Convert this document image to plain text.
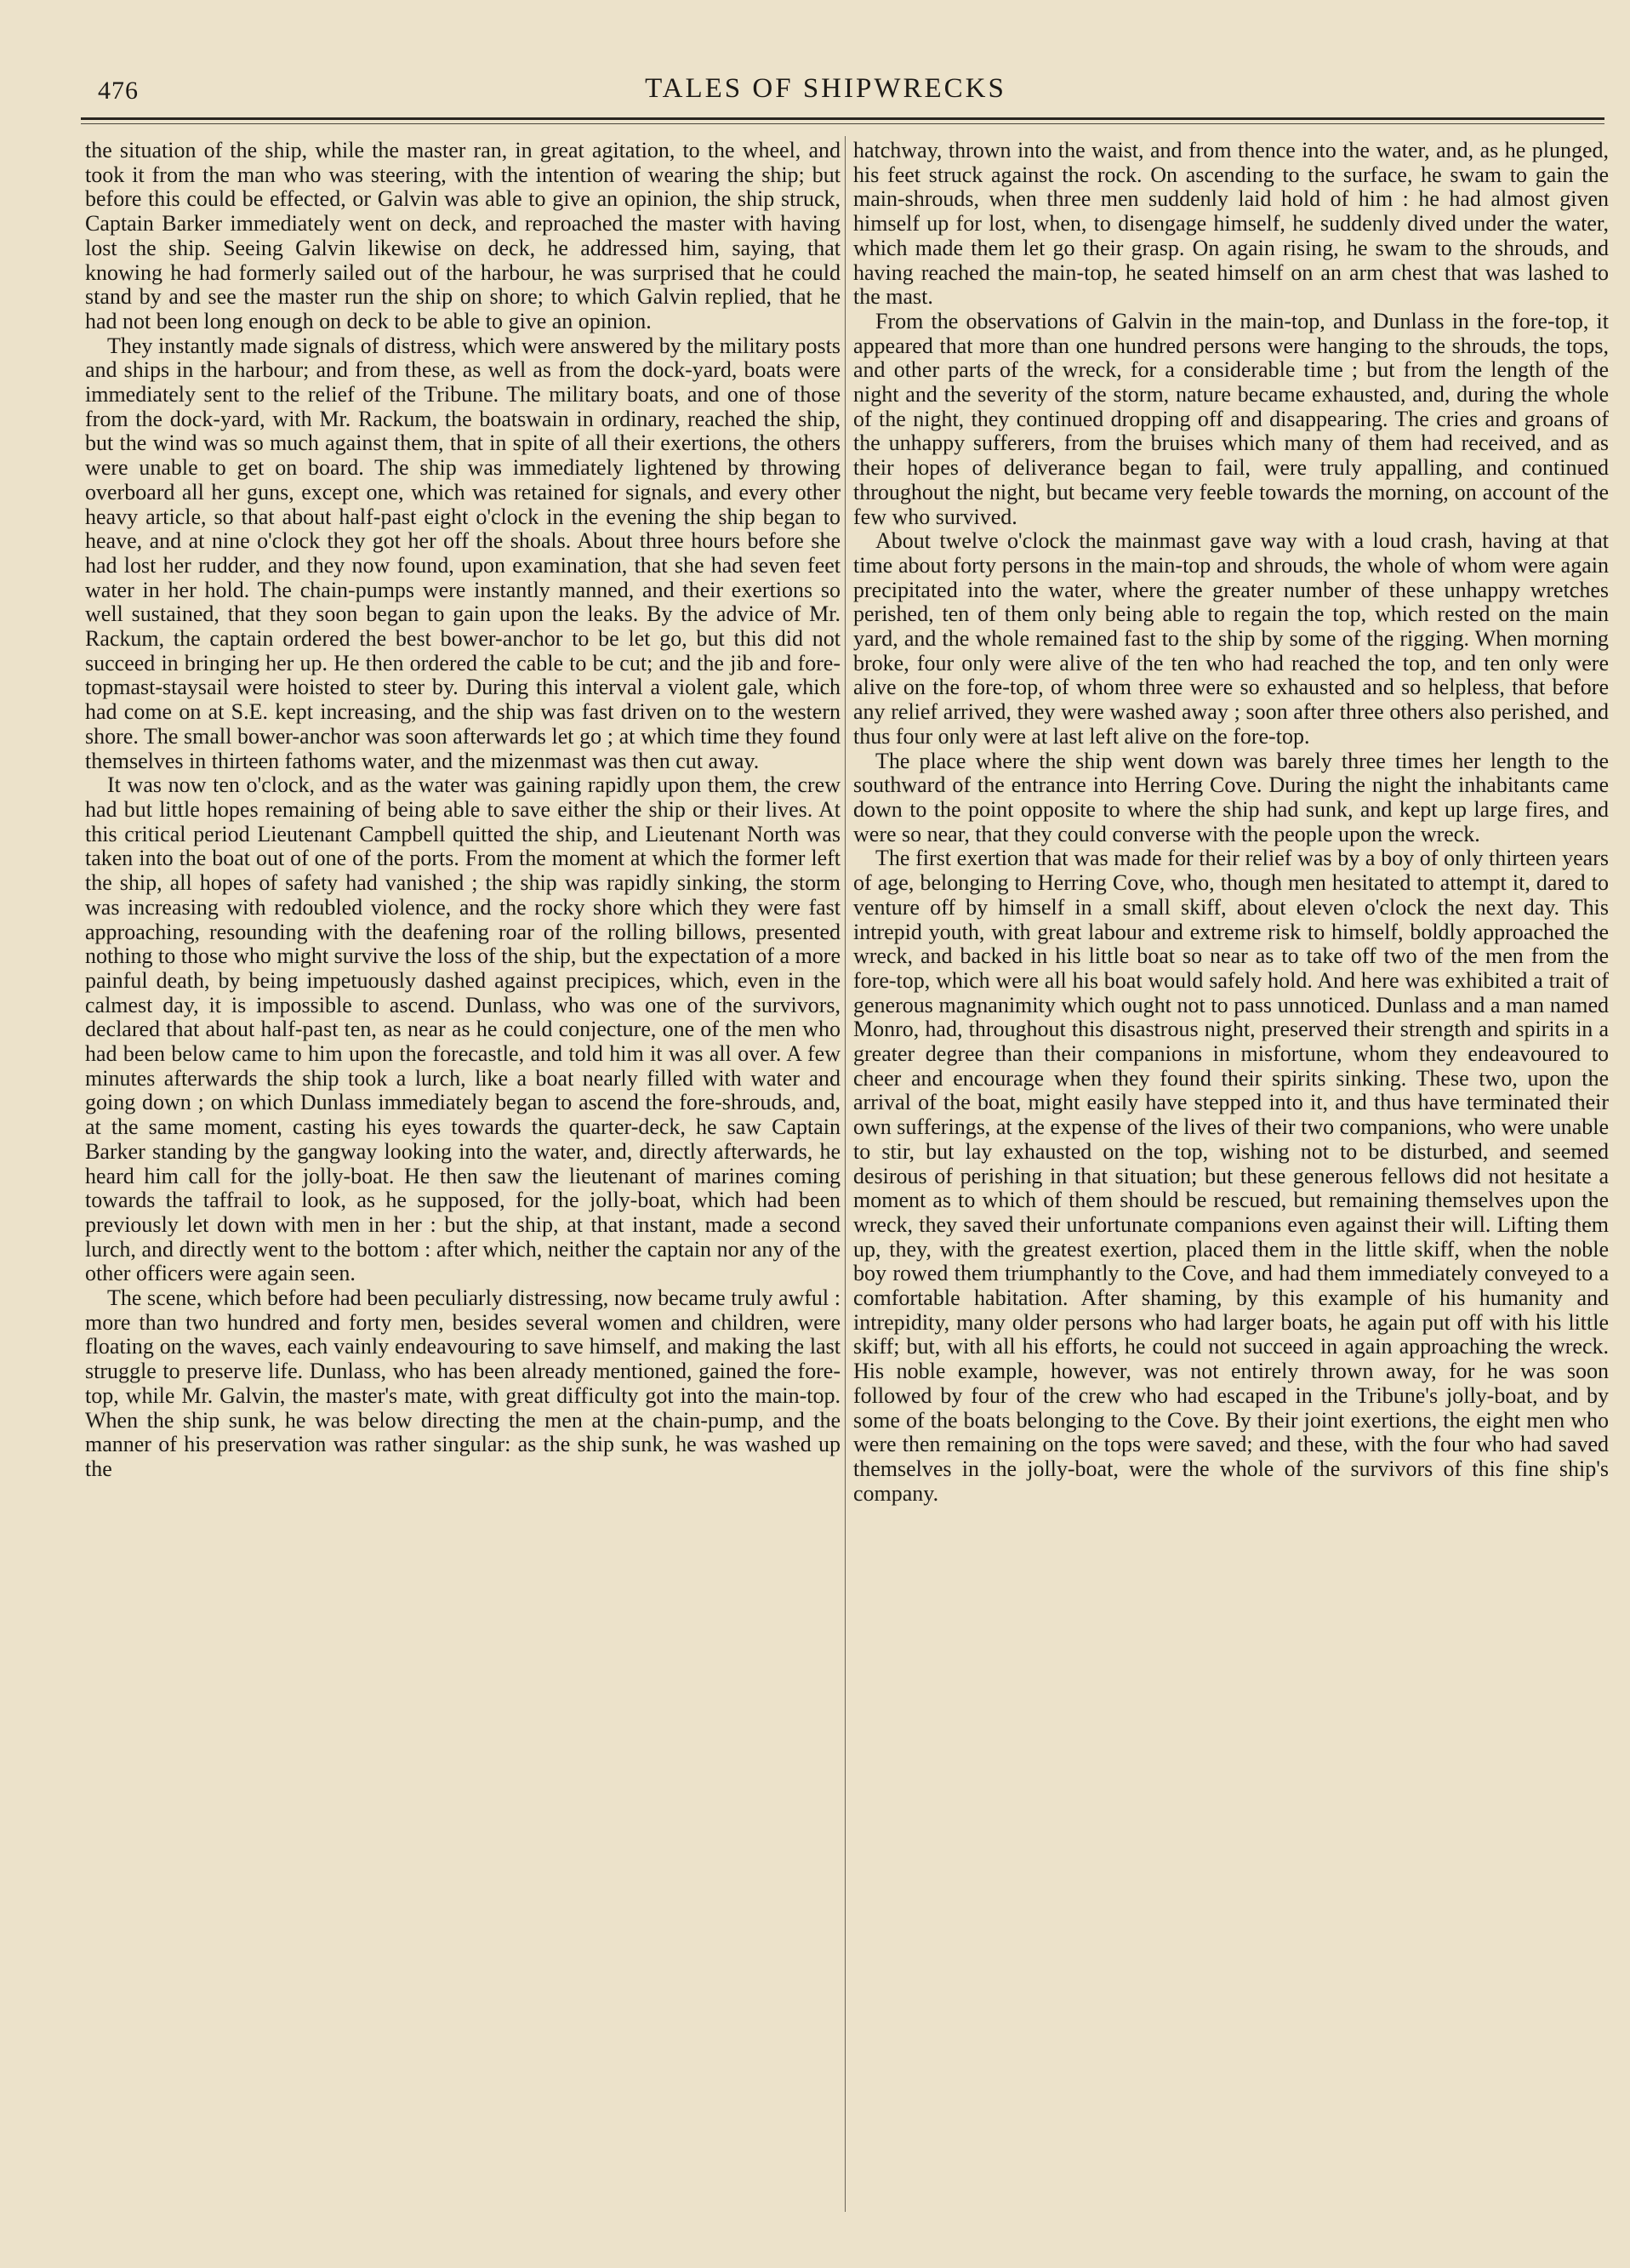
476	TALES OF SHIPWRECKS

the situation of the ship, while the master ran, in great agitation, to the wheel, and took it from the man who was steering, with the intention of wearing the ship; but before this could be effected, or Galvin was able to give an opinion, the ship struck, Captain Barker immediately went on deck, and reproached the master with having lost the ship. Seeing Galvin likewise on deck, he addressed him, saying, that knowing he had formerly sailed out of the harbour, he was surprised that he could stand by and see the master run the ship on shore; to which Galvin replied, that he had not been long enough on deck to be able to give an opinion.

They instantly made signals of distress, which were answered by the military posts and ships in the harbour; and from these, as well as from the dock-yard, boats were immediately sent to the relief of the Tribune. The military boats, and one of those from the dock-yard, with Mr. Rackum, the boatswain in ordinary, reached the ship, but the wind was so much against them, that in spite of all their exertions, the others were unable to get on board. The ship was immediately lightened by throwing overboard all her guns, except one, which was retained for signals, and every other heavy article, so that about half-past eight o'clock in the evening the ship began to heave, and at nine o'clock they got her off the shoals. About three hours before she had lost her rudder, and they now found, upon examination, that she had seven feet water in her hold. The chain-pumps were instantly manned, and their exertions so well sustained, that they soon began to gain upon the leaks. By the advice of Mr. Rackum, the captain ordered the best bower-anchor to be let go, but this did not succeed in bringing her up. He then ordered the cable to be cut; and the jib and fore-topmast-staysail were hoisted to steer by. During this interval a violent gale, which had come on at S.E. kept increasing, and the ship was fast driven on to the western shore. The small bower-anchor was soon afterwards let go ; at which time they found themselves in thirteen fathoms water, and the mizenmast was then cut away.

It was now ten o'clock, and as the water was gaining rapidly upon them, the crew had but little hopes remaining of being able to save either the ship or their lives. At this critical period Lieutenant Campbell quitted the ship, and Lieutenant North was taken into the boat out of one of the ports. From the moment at which the former left the ship, all hopes of safety had vanished ; the ship was rapidly sinking, the storm was increasing with redoubled violence, and the rocky shore which they were fast approaching, resounding with the deafening roar of the rolling billows, presented nothing to those who might survive the loss of the ship, but the expectation of a more painful death, by being impetuously dashed against precipices, which, even in the calmest day, it is impossible to ascend. Dunlass, who was one of the survivors, declared that about half-past ten, as near as he could conjecture, one of the men who had been below came to him upon the forecastle, and told him it was all over. A few minutes afterwards the ship took a lurch, like a boat nearly filled with water and going down ; on which Dunlass immediately began to ascend the fore-shrouds, and, at the same moment, casting his eyes towards the quarter-deck, he saw Captain Barker standing by the gangway looking into the water, and, directly afterwards, he heard him call for the jolly-boat. He then saw the lieutenant of marines coming towards the taffrail to look, as he supposed, for the jolly-boat, which had been previously let down with men in her : but the ship, at that instant, made a second lurch, and directly went to the bottom : after which, neither the captain nor any of the other officers were again seen.

The scene, which before had been peculiarly distressing, now became truly awful : more than two hundred and forty men, besides several women and children, were floating on the waves, each vainly endeavouring to save himself, and making the last struggle to preserve life. Dunlass, who has been already mentioned, gained the fore-top, while Mr. Galvin, the master's mate, with great difficulty got into the main-top. When the ship sunk, he was below directing the men at the chain-pump, and the manner of his preservation was rather singular: as the ship sunk, he was washed up the

hatchway, thrown into the waist, and from thence into the water, and, as he plunged, his feet struck against the rock. On ascending to the surface, he swam to gain the main-shrouds, when three men suddenly laid hold of him : he had almost given himself up for lost, when, to disengage himself, he suddenly dived under the water, which made them let go their grasp. On again rising, he swam to the shrouds, and having reached the main-top, he seated himself on an arm chest that was lashed to the mast.

From the observations of Galvin in the main-top, and Dunlass in the fore-top, it appeared that more than one hundred persons were hanging to the shrouds, the tops, and other parts of the wreck, for a considerable time ; but from the length of the night and the severity of the storm, nature became exhausted, and, during the whole of the night, they continued dropping off and disappearing. The cries and groans of the unhappy sufferers, from the bruises which many of them had received, and as their hopes of deliverance began to fail, were truly appalling, and continued throughout the night, but became very feeble towards the morning, on account of the few who survived.

About twelve o'clock the mainmast gave way with a loud crash, having at that time about forty persons in the main-top and shrouds, the whole of whom were again precipitated into the water, where the greater number of these unhappy wretches perished, ten of them only being able to regain the top, which rested on the main yard, and the whole remained fast to the ship by some of the rigging. When morning broke, four only were alive of the ten who had reached the top, and ten only were alive on the fore-top, of whom three were so exhausted and so helpless, that before any relief arrived, they were washed away ; soon after three others also perished, and thus four only were at last left alive on the fore-top.

The place where the ship went down was barely three times her length to the southward of the entrance into Herring Cove. During the night the inhabitants came down to the point opposite to where the ship had sunk, and kept up large fires, and were so near, that they could converse with the people upon the wreck.

The first exertion that was made for their relief was by a boy of only thirteen years of age, belonging to Herring Cove, who, though men hesitated to attempt it, dared to venture off by himself in a small skiff, about eleven o'clock the next day. This intrepid youth, with great labour and extreme risk to himself, boldly approached the wreck, and backed in his little boat so near as to take off two of the men from the fore-top, which were all his boat would safely hold. And here was exhibited a trait of generous magnanimity which ought not to pass unnoticed. Dunlass and a man named Monro, had, throughout this disastrous night, preserved their strength and spirits in a greater degree than their companions in misfortune, whom they endeavoured to cheer and encourage when they found their spirits sinking. These two, upon the arrival of the boat, might easily have stepped into it, and thus have terminated their own sufferings, at the expense of the lives of their two companions, who were unable to stir, but lay exhausted on the top, wishing not to be disturbed, and seemed desirous of perishing in that situation; but these generous fellows did not hesitate a moment as to which of them should be rescued, but remaining themselves upon the wreck, they saved their unfortunate companions even against their will. Lifting them up, they, with the greatest exertion, placed them in the little skiff, when the noble boy rowed them triumphantly to the Cove, and had them immediately conveyed to a comfortable habitation. After shaming, by this example of his humanity and intrepidity, many older persons who had larger boats, he again put off with his little skiff; but, with all his efforts, he could not succeed in again approaching the wreck. His noble example, however, was not entirely thrown away, for he was soon followed by four of the crew who had escaped in the Tribune's jolly-boat, and by some of the boats belonging to the Cove. By their joint exertions, the eight men who were then remaining on the tops were saved; and these, with the four who had saved themselves in the jolly-boat, were the whole of the survivors of this fine ship's company.
